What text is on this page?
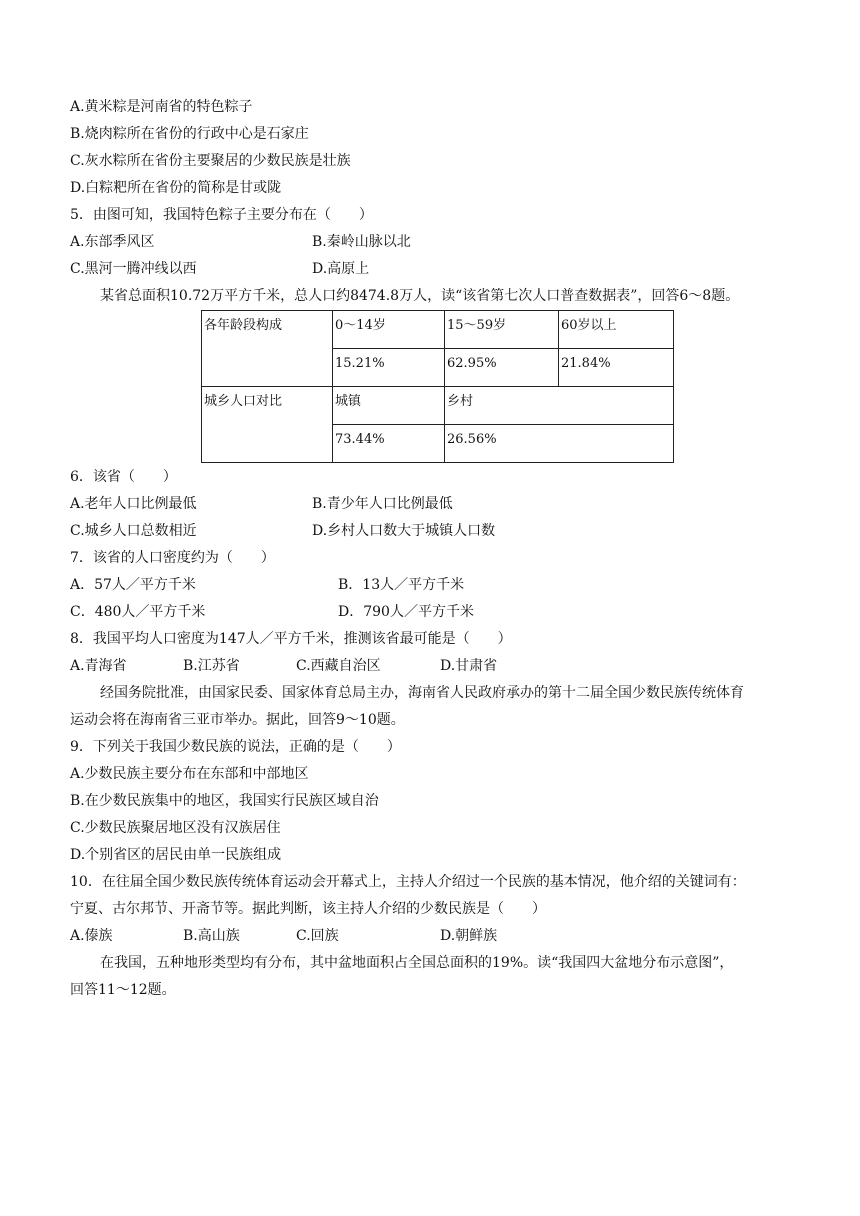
A.黄米粽是河南省的特色粽子
B.烧肉粽所在省份的行政中心是石家庄
C.灰水粽所在省份主要聚居的少数民族是壮族
D.白粽粑所在省份的简称是甘或陇
5．由图可知，我国特色粽子主要分布在（　　）
A.东部季风区	B.秦岭山脉以北
C.黑河一腾冲线以西	D.高原上
某省总面积10.72万平方千米，总人口约8474.8万人，读“该省第七次人口普查数据表”，回答6～8题。
各年龄段构成	0～14岁	15～59岁	60岁以上
	15.21%	62.95%	21.84%
城乡人口对比	城镇	乡村	
	73.44%	26.56%	
6．该省（　　）
A.老年人口比例最低	B.青少年人口比例最低
C.城乡人口总数相近	D.乡村人口数大于城镇人口数
7．该省的人口密度约为（　　）
A．57人／平方千米	B．13人／平方千米
C．480人／平方千米	D．790人／平方千米
8．我国平均人口密度为147人／平方千米，推测该省最可能是（　　）
A.青海省	B.江苏省	C.西藏自治区	D.甘肃省
经国务院批准，由国家民委、国家体育总局主办，海南省人民政府承办的第十二届全国少数民族传统体育
运动会将在海南省三亚市举办。据此，回答9～10题。
9．下列关于我国少数民族的说法，正确的是（　　）
A.少数民族主要分布在东部和中部地区
B.在少数民族集中的地区，我国实行民族区域自治
C.少数民族聚居地区没有汉族居住
D.个别省区的居民由单一民族组成
10．在往届全国少数民族传统体育运动会开幕式上，主持人介绍过一个民族的基本情况，他介绍的关键词有：
宁夏、古尔邦节、开斋节等。据此判断，该主持人介绍的少数民族是（　　）
A.傣族	B.高山族	C.回族	D.朝鲜族
在我国，五种地形类型均有分布，其中盆地面积占全国总面积的19%。读“我国四大盆地分布示意图”，
回答11～12题。
